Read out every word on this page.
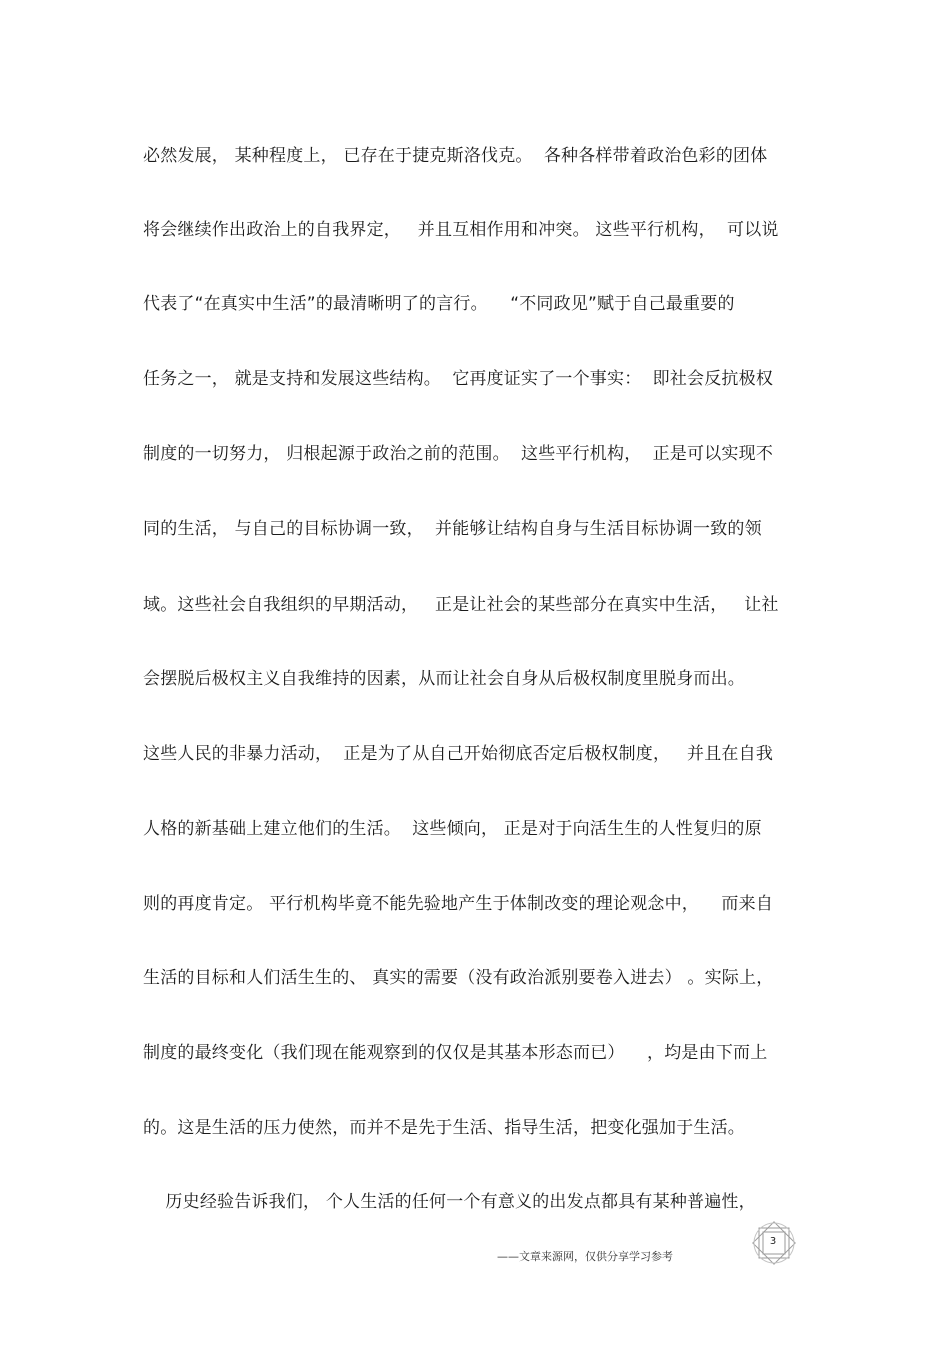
必然发展， 某种程度上， 已存在于捷克斯洛伐克。  各种各样带着政治色彩的团体
将会继续作出政治上的自我界定，   并且互相作用和冲突。 这些平行机构，  可以说
代表了“在真实中生活”的最清晰明了的言行。    “不同政见”赋于自己最重要的
任务之一， 就是支持和发展这些结构。  它再度证实了一个事实：  即社会反抗极权
制度的一切努力， 归根起源于政治之前的范围。  这些平行机构，  正是可以实现不
同的生活， 与自己的目标协调一致，  并能够让结构自身与生活目标协调一致的领
域。这些社会自我组织的早期活动，   正是让社会的某些部分在真实中生活，   让社
会摆脱后极权主义自我维持的因素，从而让社会自身从后极权制度里脱身而出。
这些人民的非暴力活动，  正是为了从自己开始彻底否定后极权制度，   并且在自我
人格的新基础上建立他们的生活。  这些倾向， 正是对于向活生生的人性复归的原
则的再度肯定。 平行机构毕竟不能先验地产生于体制改变的理论观念中，    而来自
生活的目标和人们活生生的、 真实的需要（没有政治派别要卷入进去） 。实际上，
制度的最终变化（我们现在能观察到的仅仅是其基本形态而已）    ，均是由下而上
的。这是生活的压力使然，而并不是先于生活、指导生活，把变化强加于生活。
历史经验告诉我们， 个人生活的任何一个有意义的出发点都具有某种普遍性，
——文章来源网，仅供分享学习参考
3
